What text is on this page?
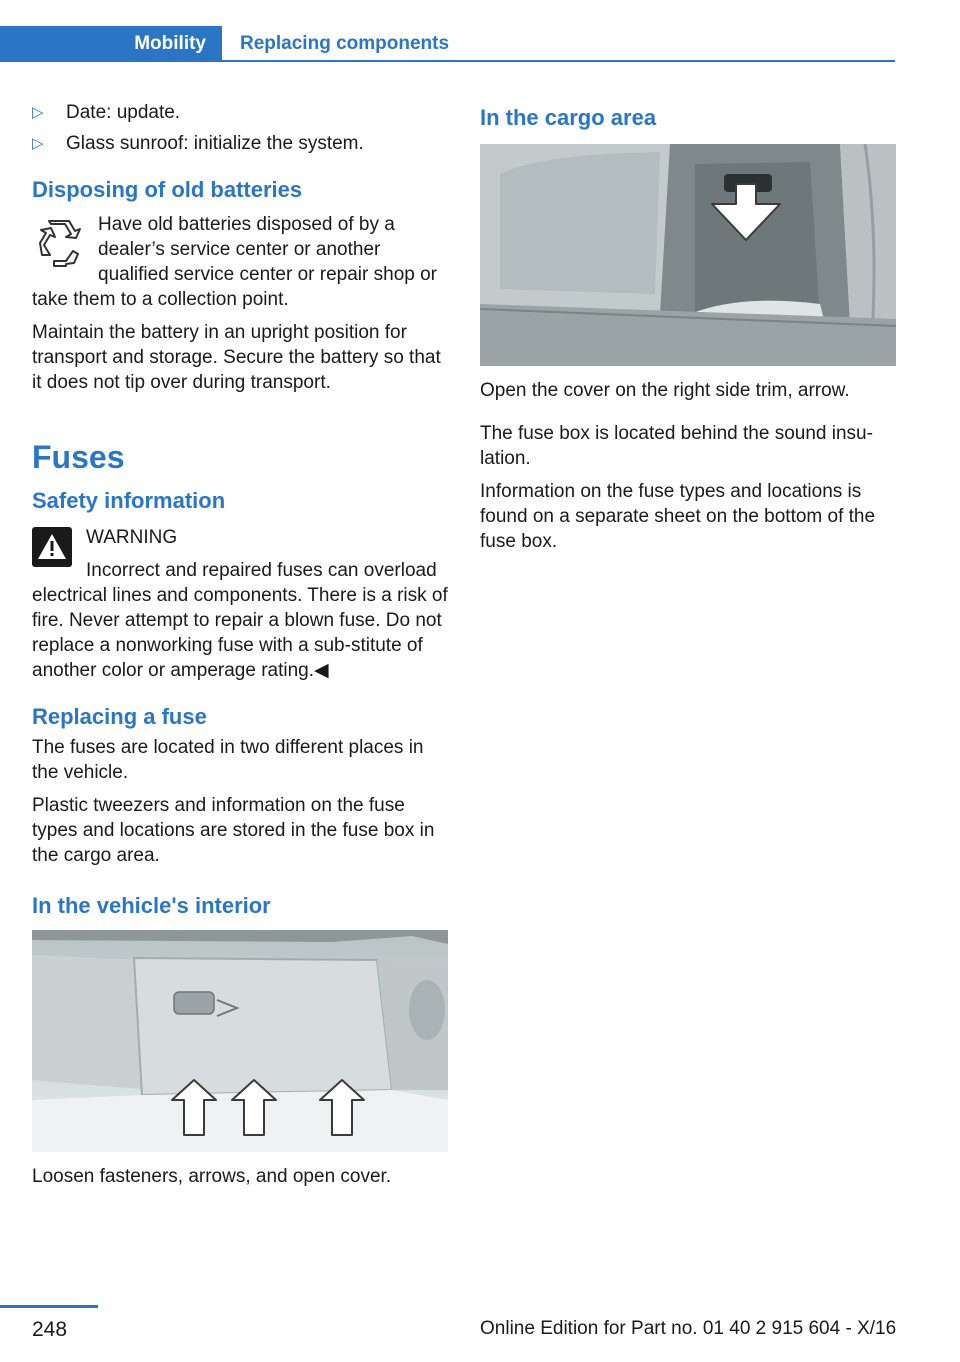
Mobility	Replacing components
▷	Date: update.
▷	Glass sunroof: initialize the system.
Disposing of old batteries

Have old batteries disposed of by a dealer’s service center or another qualified service center or repair shop or take them to a collection point.

Maintain the battery in an upright position for transport and storage. Secure the battery so that it does not tip over during transport.

Fuses
Safety information

WARNING

Incorrect and repaired fuses can overload electrical lines and components. There is a risk of fire. Never attempt to repair a blown fuse. Do not replace a nonworking fuse with a sub‐stitute of another color or amperage rating.◀

Replacing a fuse

The fuses are located in two different places in the vehicle.

Plastic tweezers and information on the fuse types and locations are stored in the fuse box in the cargo area.

In the vehicle's interior

Loosen fasteners, arrows, and open cover.

In the cargo area

Open the cover on the right side trim, arrow.

The fuse box is located behind the sound insu‐lation.

Information on the fuse types and locations is found on a separate sheet on the bottom of the fuse box.

248	Online Edition for Part no. 01 40 2 915 604 - X/16
